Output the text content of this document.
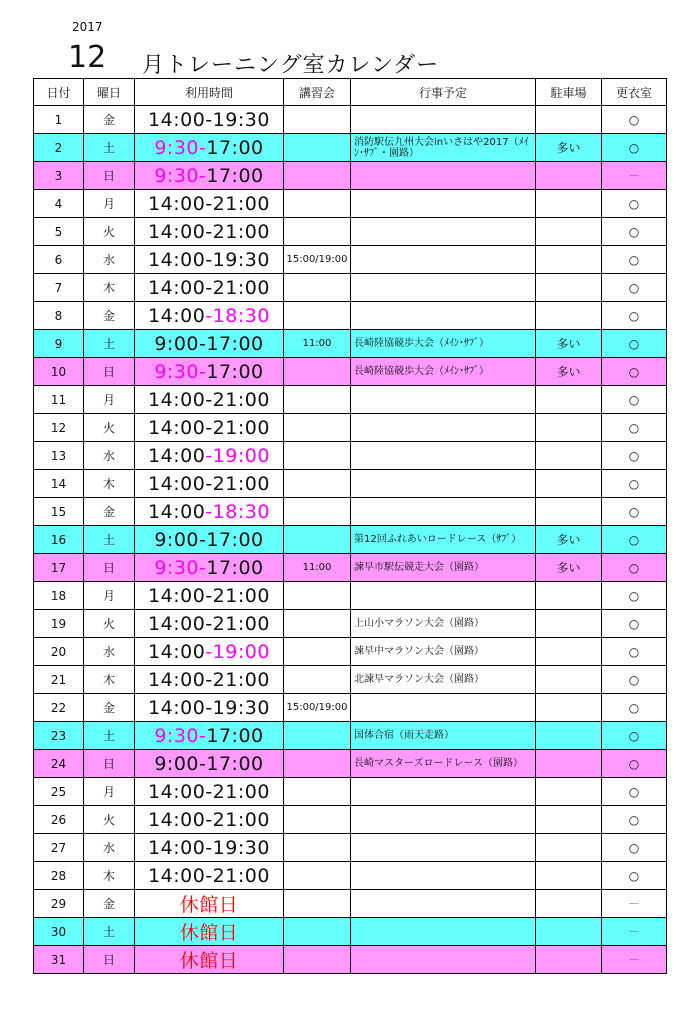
2017
12 月トレーニング室カレンダー
日付	曜日	利用時間	講習会	行事予定	駐車場	更衣室
1	金	14:00-19:30				○
2	土	9:30-17:00		消防駅伝九州大会inいさはや2017（ﾒｲﾝ･ｻﾌﾞ・園路）	多い	○
3	日	9:30-17:00				－
4	月	14:00-21:00				○
5	火	14:00-21:00				○
6	水	14:00-19:30	15:00/19:00			○
7	木	14:00-21:00				○
8	金	14:00-18:30				○
9	土	9:00-17:00	11:00	長崎陸協競歩大会（ﾒｲﾝ･ｻﾌﾞ）	多い	○
10	日	9:30-17:00		長崎陸協競歩大会（ﾒｲﾝ･ｻﾌﾞ）	多い	○
11	月	14:00-21:00				○
12	火	14:00-21:00				○
13	水	14:00-19:00				○
14	木	14:00-21:00				○
15	金	14:00-18:30				○
16	土	9:00-17:00		第12回ふれあいロードレース（ｻﾌﾞ）	多い	○
17	日	9:30-17:00	11:00	諫早市駅伝競走大会（園路）	多い	○
18	月	14:00-21:00				○
19	火	14:00-21:00		上山小マラソン大会（園路）		○
20	水	14:00-19:00		諫早中マラソン大会（園路）		○
21	木	14:00-21:00		北諫早マラソン大会（園路）		○
22	金	14:00-19:30	15:00/19:00			○
23	土	9:30-17:00		国体合宿（雨天走路）		○
24	日	9:00-17:00		長崎マスターズロードレース（園路）		○
25	月	14:00-21:00				○
26	火	14:00-21:00				○
27	水	14:00-19:30				○
28	木	14:00-21:00				○
29	金	休館日				－
30	土	休館日				－
31	日	休館日				－
